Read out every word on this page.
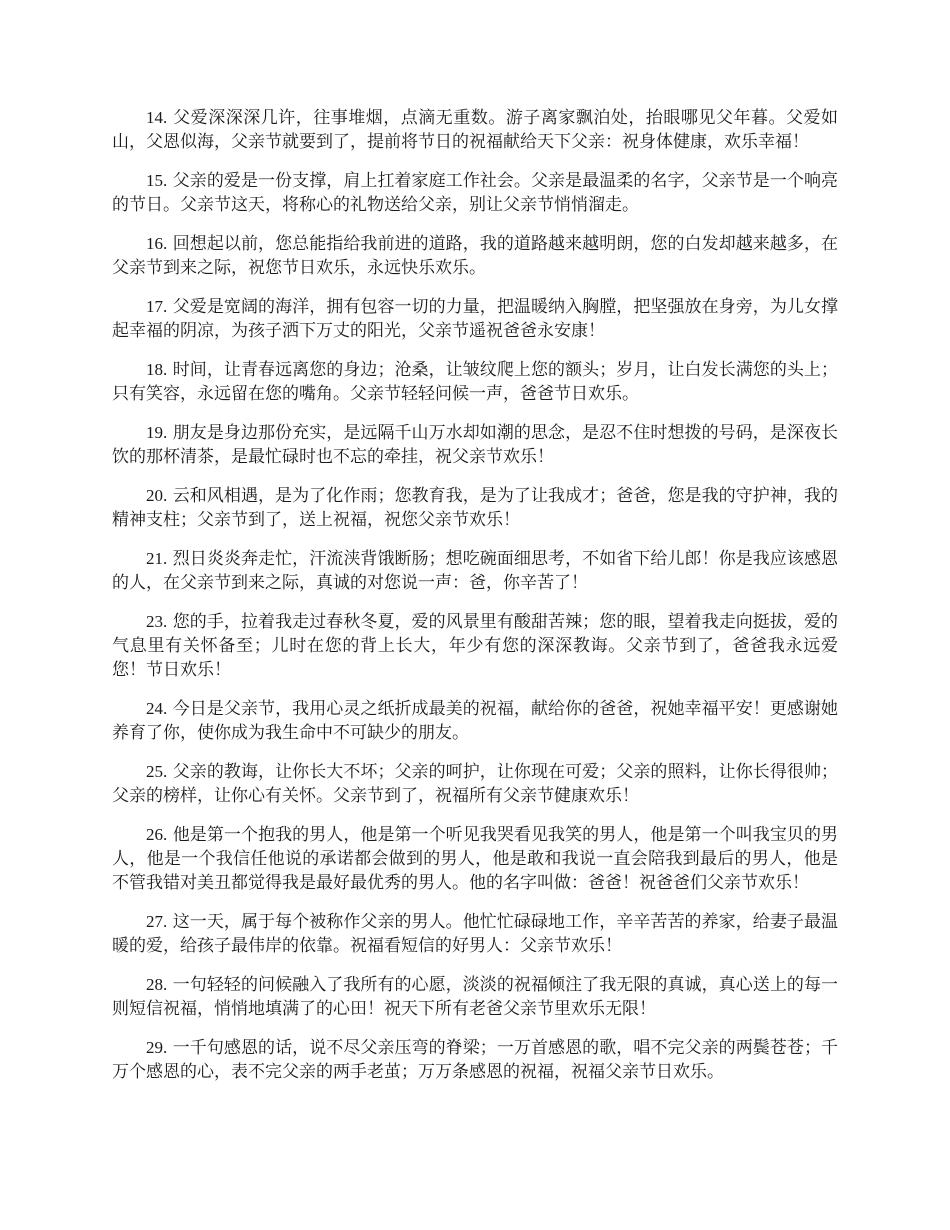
14. 父爱深深深几许，往事堆烟，点滴无重数。游子离家飘泊处，抬眼哪见父年暮。父爱如山，父恩似海，父亲节就要到了，提前将节日的祝福献给天下父亲：祝身体健康，欢乐幸福！

15. 父亲的爱是一份支撑，肩上扛着家庭工作社会。父亲是最温柔的名字，父亲节是一个响亮的节日。父亲节这天，将称心的礼物送给父亲，别让父亲节悄悄溜走。

16. 回想起以前，您总能指给我前进的道路，我的道路越来越明朗，您的白发却越来越多，在父亲节到来之际，祝您节日欢乐，永远快乐欢乐。

17. 父爱是宽阔的海洋，拥有包容一切的力量，把温暖纳入胸膛，把坚强放在身旁，为儿女撑起幸福的阴凉，为孩子洒下万丈的阳光，父亲节遥祝爸爸永安康！

18. 时间，让青春远离您的身边；沧桑，让皱纹爬上您的额头；岁月，让白发长满您的头上；只有笑容，永远留在您的嘴角。父亲节轻轻问候一声，爸爸节日欢乐。

19. 朋友是身边那份充实，是远隔千山万水却如潮的思念，是忍不住时想拨的号码，是深夜长饮的那杯清茶，是最忙碌时也不忘的牵挂，祝父亲节欢乐！

20. 云和风相遇，是为了化作雨；您教育我，是为了让我成才；爸爸，您是我的守护神，我的精神支柱；父亲节到了，送上祝福，祝您父亲节欢乐！

21. 烈日炎炎奔走忙，汗流浃背饿断肠；想吃碗面细思考，不如省下给儿郎！你是我应该感恩的人，在父亲节到来之际，真诚的对您说一声：爸，你辛苦了！

23. 您的手，拉着我走过春秋冬夏，爱的风景里有酸甜苦辣；您的眼，望着我走向挺拔，爱的气息里有关怀备至；儿时在您的背上长大，年少有您的深深教诲。父亲节到了，爸爸我永远爱您！节日欢乐！

24. 今日是父亲节，我用心灵之纸折成最美的祝福，献给你的爸爸，祝她幸福平安！更感谢她养育了你，使你成为我生命中不可缺少的朋友。

25. 父亲的教诲，让你长大不坏；父亲的呵护，让你现在可爱；父亲的照料，让你长得很帅；父亲的榜样，让你心有关怀。父亲节到了，祝福所有父亲节健康欢乐！

26. 他是第一个抱我的男人，他是第一个听见我哭看见我笑的男人，他是第一个叫我宝贝的男人，他是一个我信任他说的承诺都会做到的男人，他是敢和我说一直会陪我到最后的男人，他是不管我错对美丑都觉得我是最好最优秀的男人。他的名字叫做：爸爸！祝爸爸们父亲节欢乐！

27. 这一天，属于每个被称作父亲的男人。他忙忙碌碌地工作，辛辛苦苦的养家，给妻子最温暖的爱，给孩子最伟岸的依靠。祝福看短信的好男人：父亲节欢乐！

28. 一句轻轻的问候融入了我所有的心愿，淡淡的祝福倾注了我无限的真诚，真心送上的每一则短信祝福，悄悄地填满了的心田！祝天下所有老爸父亲节里欢乐无限！

29. 一千句感恩的话，说不尽父亲压弯的脊梁；一万首感恩的歌，唱不完父亲的两鬓苍苍；千万个感恩的心，表不完父亲的两手老茧；万万条感恩的祝福，祝福父亲节日欢乐。
